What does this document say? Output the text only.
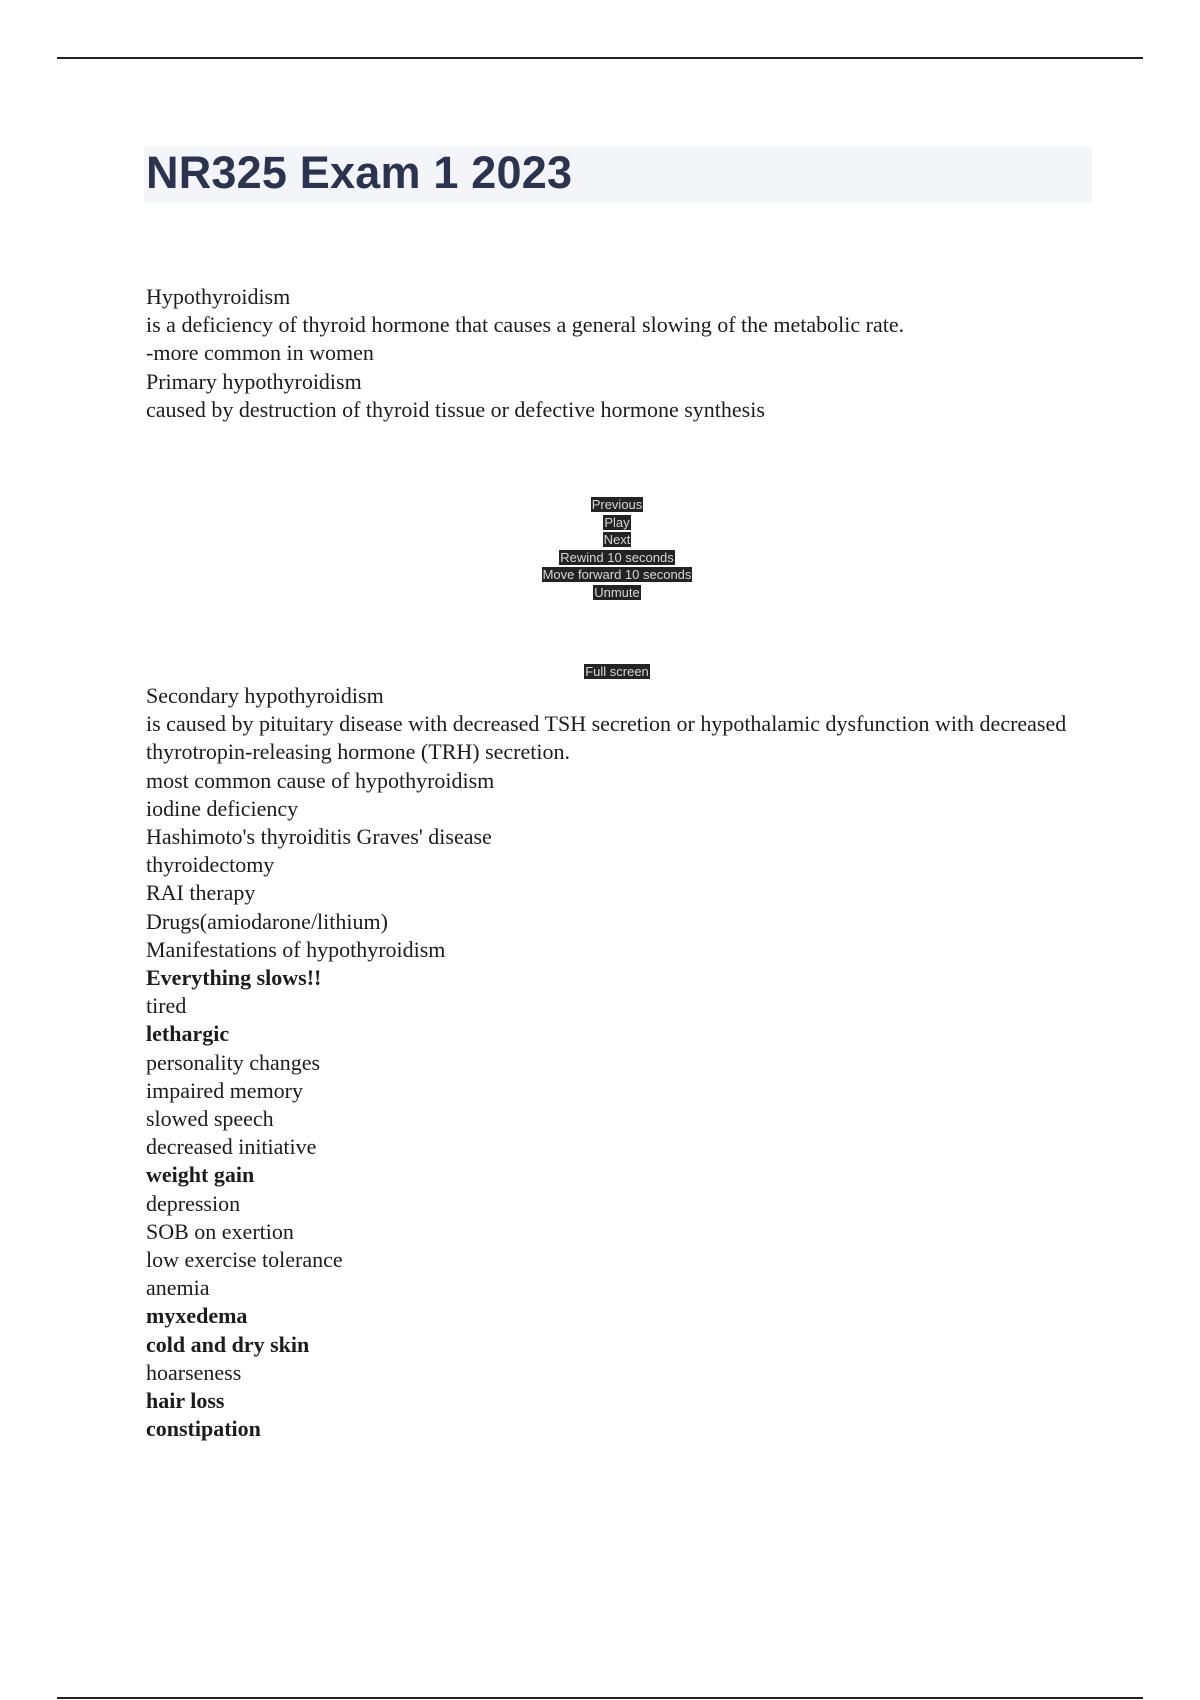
NR325 Exam 1 2023
Hypothyroidism
is a deficiency of thyroid hormone that causes a general slowing of the metabolic rate.
-more common in women
Primary hypothyroidism
caused by destruction of thyroid tissue or defective hormone synthesis
Previous
Play
Next
Rewind 10 seconds
Move forward 10 seconds
Unmute
Full screen
Secondary hypothyroidism
is caused by pituitary disease with decreased TSH secretion or hypothalamic dysfunction with decreased thyrotropin-releasing hormone (TRH) secretion.
most common cause of hypothyroidism
iodine deficiency
Hashimoto's thyroiditis Graves' disease
thyroidectomy
RAI therapy
Drugs(amiodarone/lithium)
Manifestations of hypothyroidism
Everything slows!!
tired
lethargic
personality changes
impaired memory
slowed speech
decreased initiative
weight gain
depression
SOB on exertion
low exercise tolerance
anemia
myxedema
cold and dry skin
hoarseness
hair loss
constipation
